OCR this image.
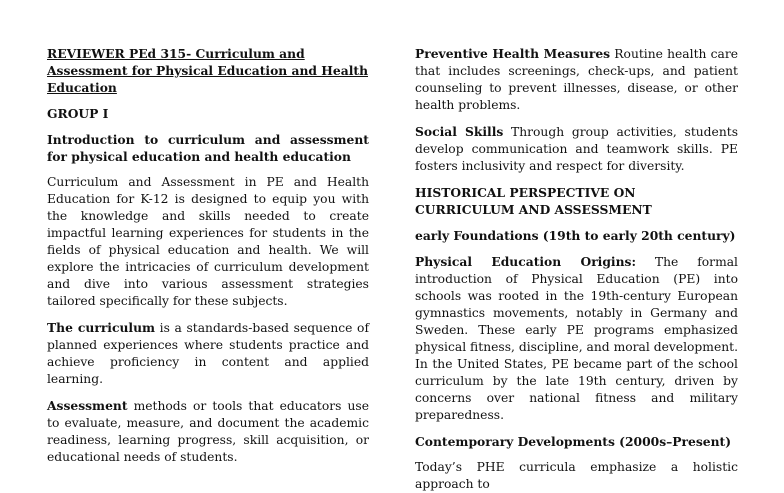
REVIEWER PEd 315- Curriculum and Assessment for Physical Education and Health Education

GROUP I

Introduction to curriculum and assessment for physical education and health education

Curriculum and Assessment in PE and Health Education for K-12 is designed to equip you with the knowledge and skills needed to create impactful learning experiences for students in the fields of physical education and health. We will explore the intricacies of curriculum development and dive into various assessment strategies tailored specifically for these subjects.

The curriculum is a standards-based sequence of planned experiences where students practice and achieve proficiency in content and applied learning.

Assessment methods or tools that educators use to evaluate, measure, and document the academic readiness, learning progress, skill acquisition, or educational needs of students.

Preventive Health Measures Routine health care that includes screenings, check-ups, and patient counseling to prevent illnesses, disease, or other health problems.

Social Skills Through group activities, students develop communication and teamwork skills. PE fosters inclusivity and respect for diversity.

HISTORICAL PERSPECTIVE ON CURRICULUM AND ASSESSMENT

early Foundations (19th to early 20th century)

Physical Education Origins: The formal introduction of Physical Education (PE) into schools was rooted in the 19th-century European gymnastics movements, notably in Germany and Sweden. These early PE programs emphasized physical fitness, discipline, and moral development. In the United States, PE became part of the school curriculum by the late 19th century, driven by concerns over national fitness and military preparedness.

Contemporary Developments (2000s–Present)

Today’s PHE curricula emphasize a holistic approach to
